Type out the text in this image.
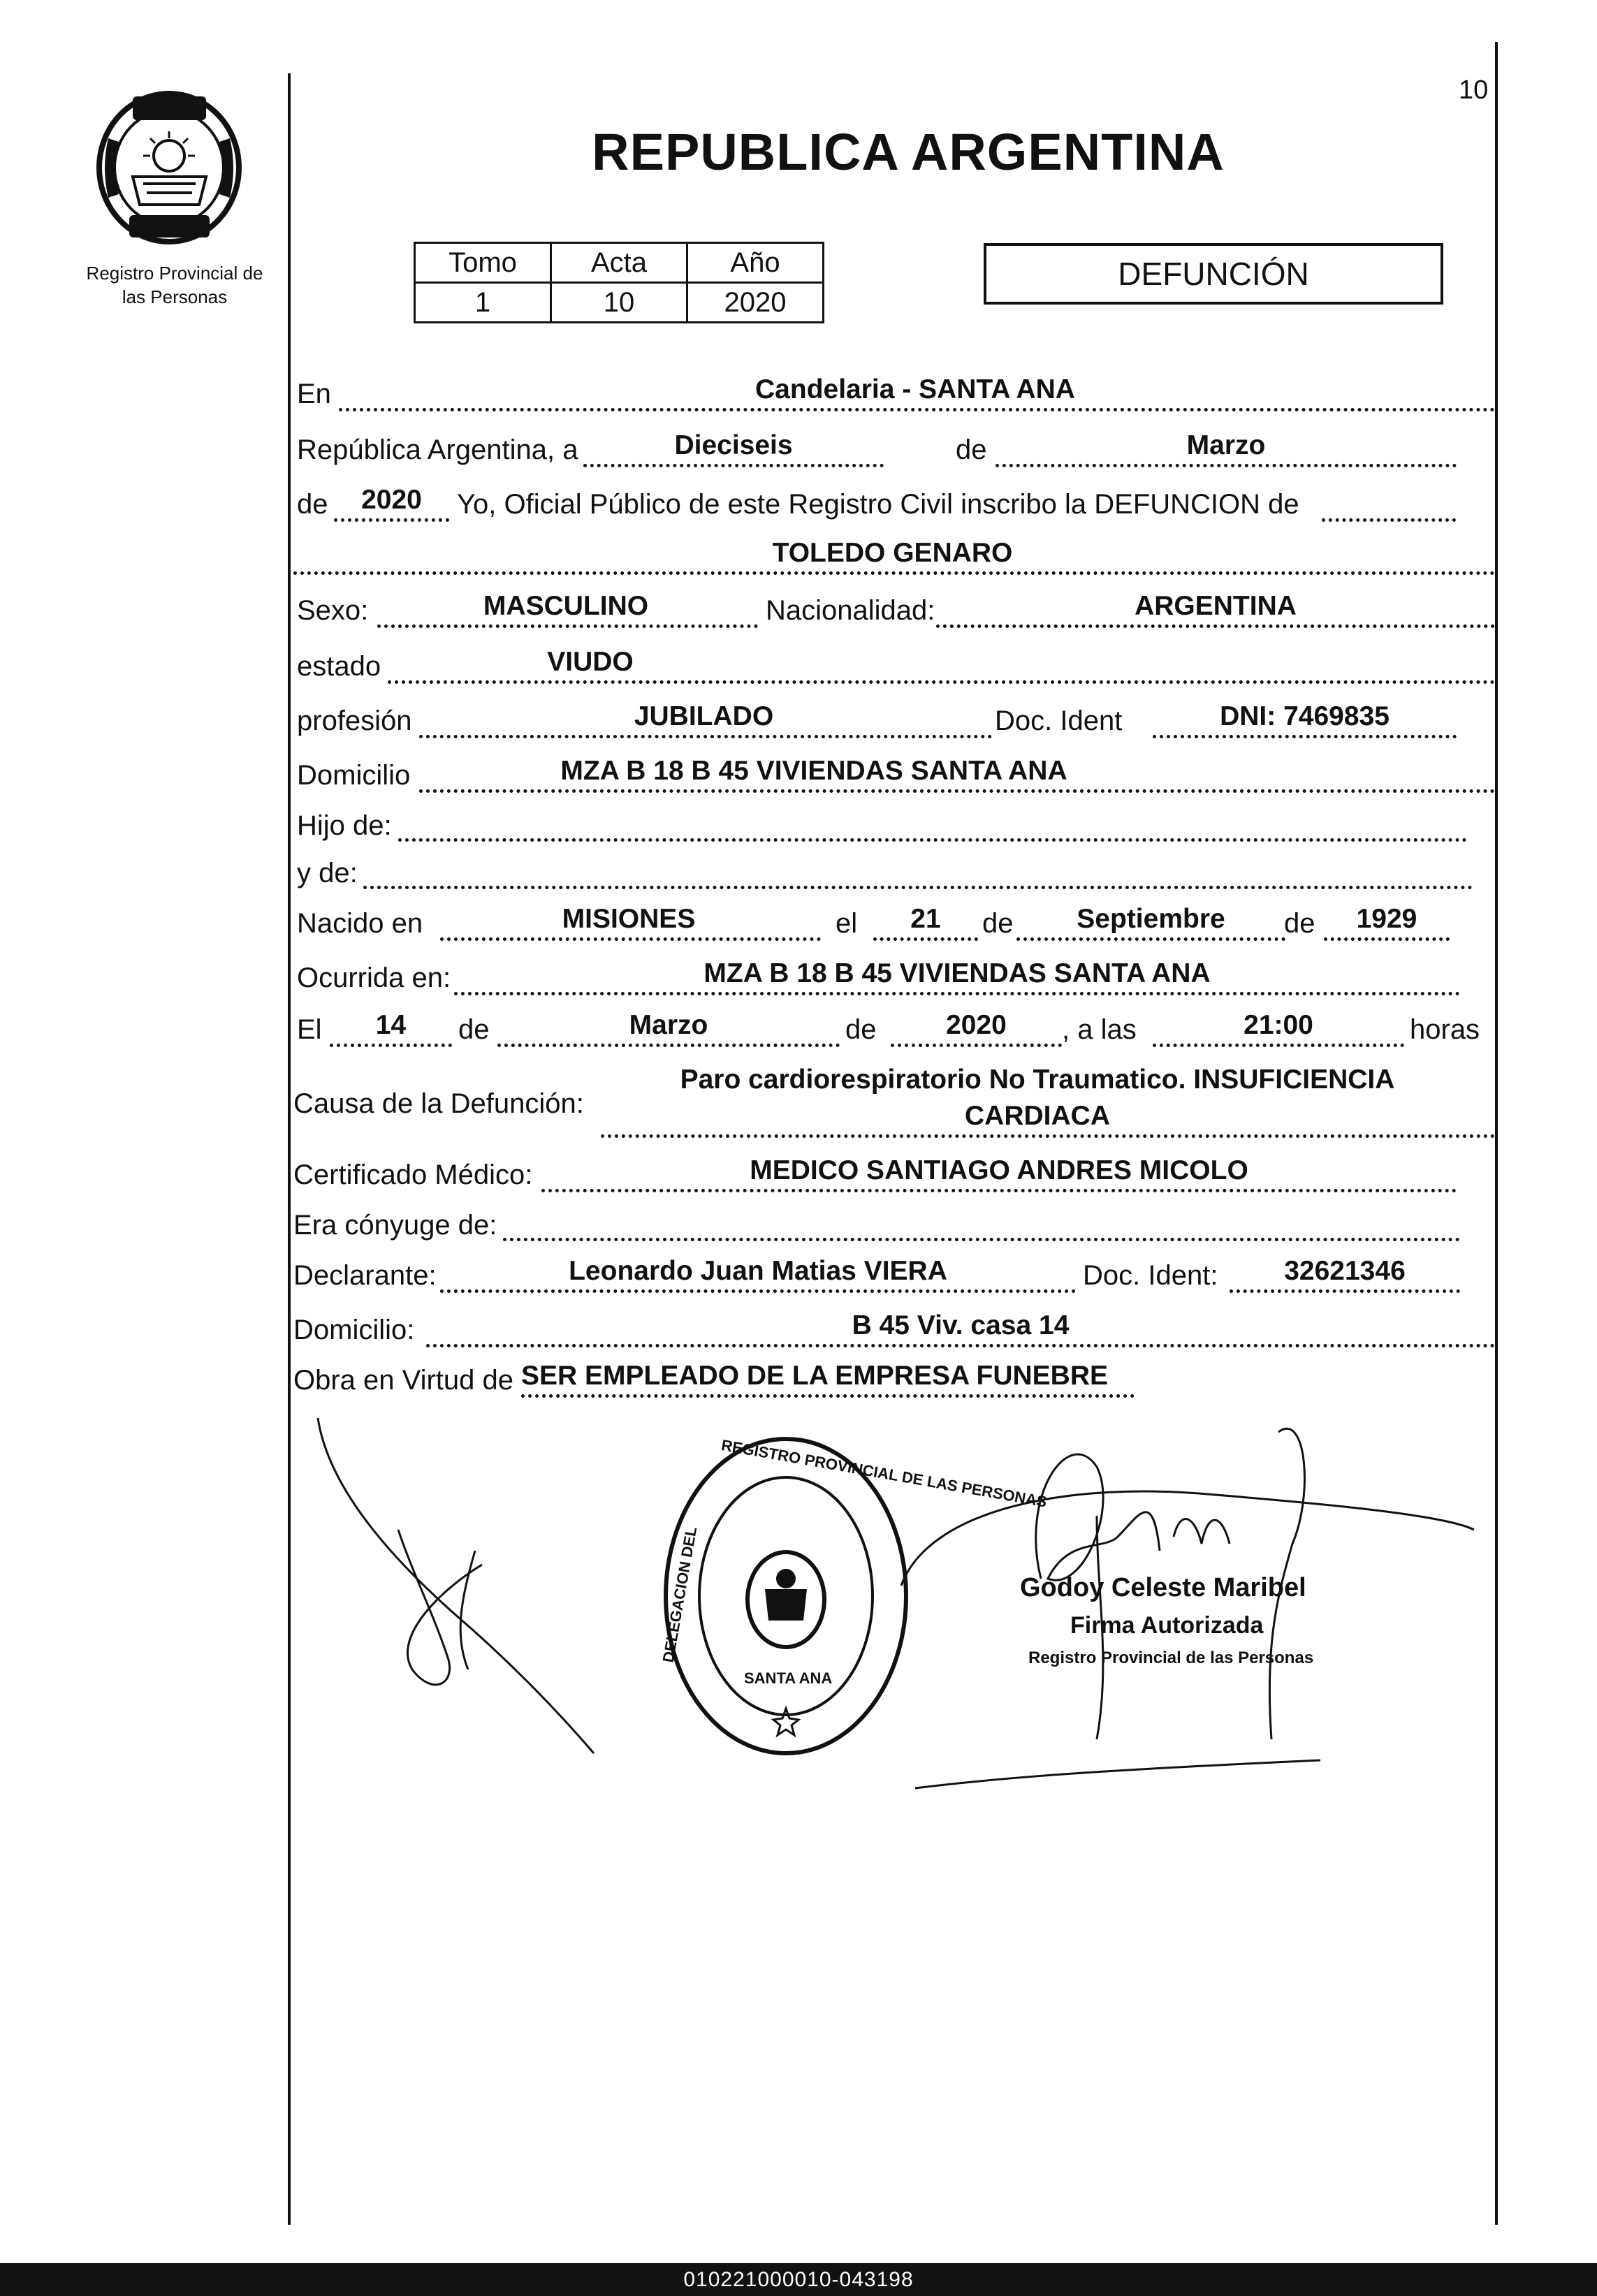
10
Registro Provincial de
las Personas
REPUBLICA ARGENTINA
Tomo	Acta	Año
1	10	2020
DEFUNCIÓN
En	Candelaria - SANTA ANA
República Argentina, a	Dieciseis	de	Marzo
de	2020	Yo, Oficial Público de este Registro Civil inscribo la DEFUNCION de
TOLEDO GENARO
Sexo:	MASCULINO	Nacionalidad:	ARGENTINA
estado	VIUDO
profesión	JUBILADO	Doc. Ident	DNI: 7469835
Domicilio	MZA B 18 B 45 VIVIENDAS SANTA ANA
Hijo de:
y de:
Nacido en	MISIONES	el	21	de	Septiembre	de	1929
Ocurrida en:	MZA B 18 B 45 VIVIENDAS SANTA ANA
El	14	de	Marzo	de	2020	, a las	21:00	horas
Causa de la Defunción:
Paro cardiorespiratorio No Traumatico. INSUFICIENCIA
CARDIACA
Certificado Médico:	MEDICO SANTIAGO ANDRES MICOLO
Era cónyuge de:
Declarante:	Leonardo Juan Matias VIERA	Doc. Ident:	32621346
Domicilio:	B 45 Viv. casa 14
Obra en Virtud de SER EMPLEADO DE LA EMPRESA FUNEBRE
REGISTRO PROVINCIAL DE LAS PERSONAS
DELEGACION DEL
SANTA ANA
Godoy Celeste Maribel
Firma Autorizada
Registro Provincial de las Personas
010221000010-043198
